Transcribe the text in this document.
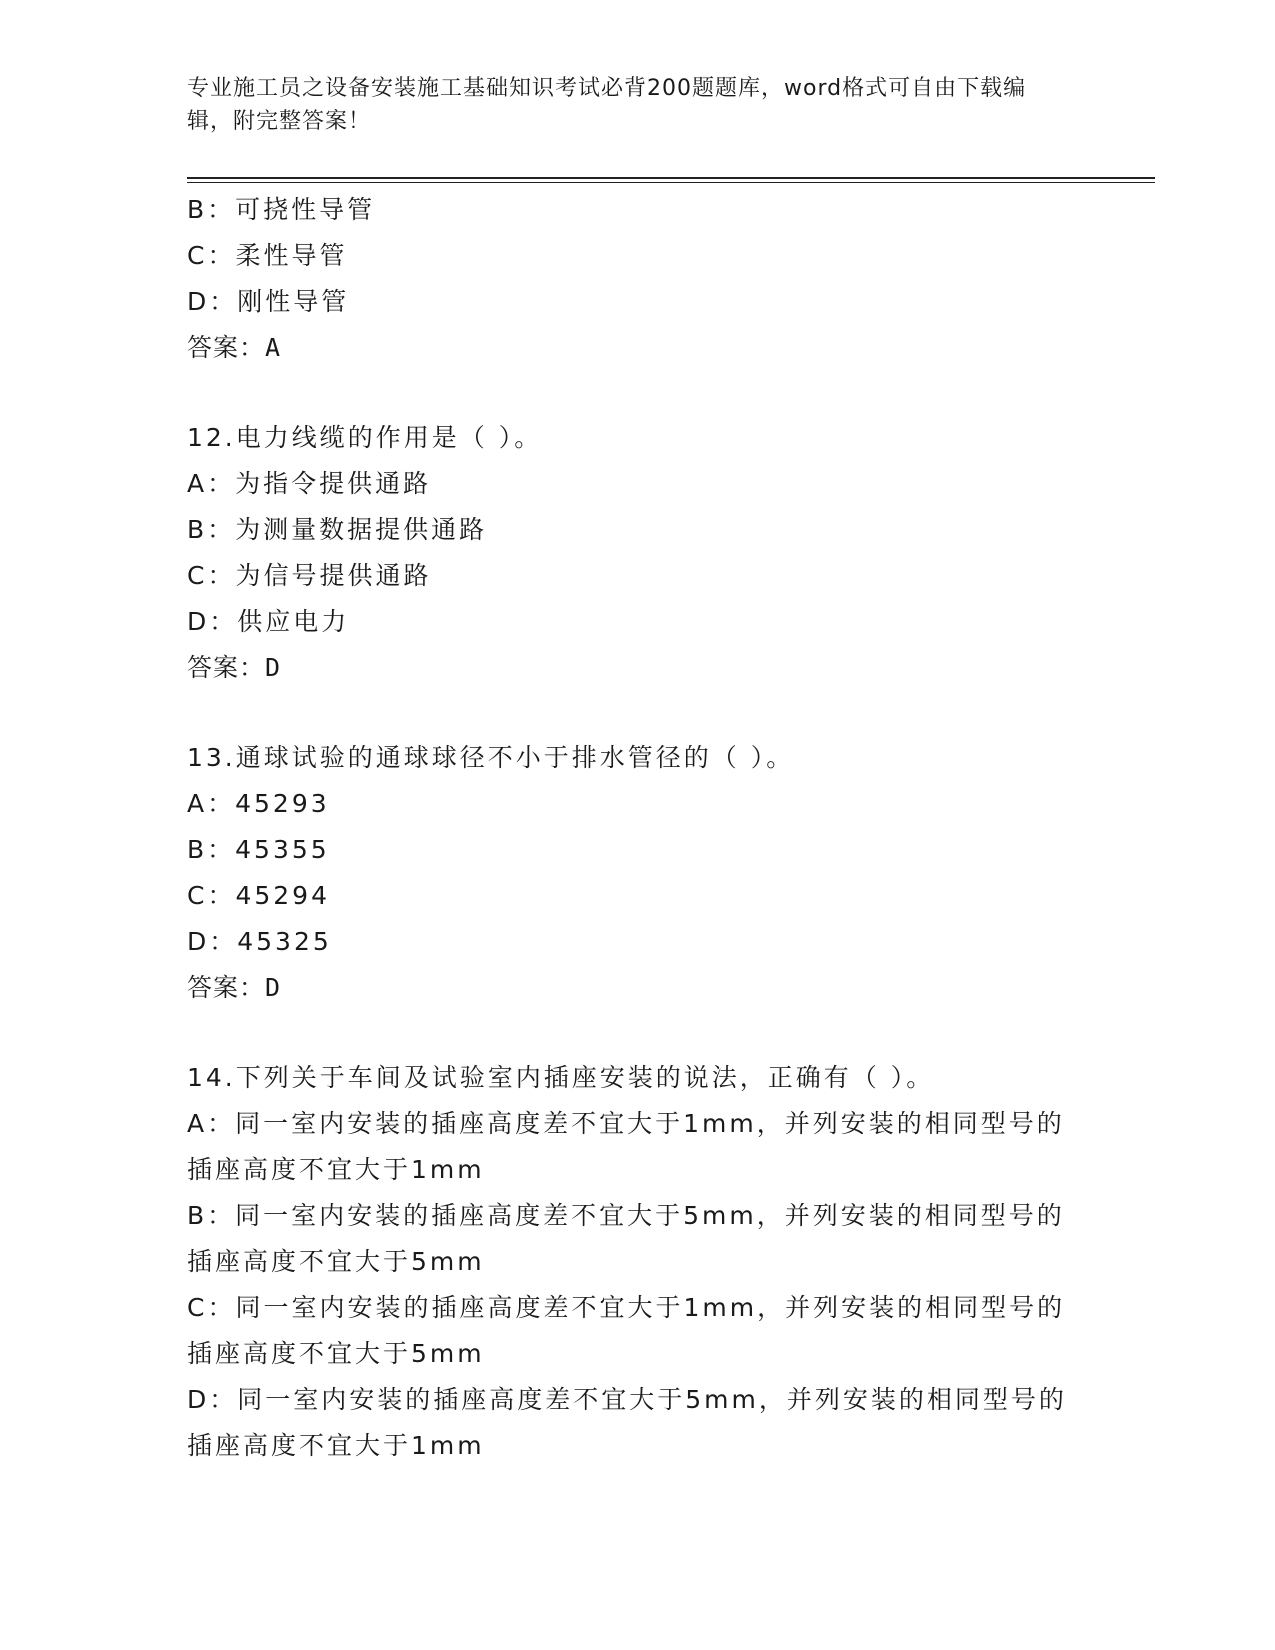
专业施工员之设备安装施工基础知识考试必背200题题库，word格式可自由下载编辑，附完整答案！
B：可挠性导管
C：柔性导管
D：刚性导管
答案：A
12.电力线缆的作用是（ ）。
A：为指令提供通路
B：为测量数据提供通路
C：为信号提供通路
D：供应电力
答案：D
13.通球试验的通球球径不小于排水管径的（ ）。
A：45293
B：45355
C：45294
D：45325
答案：D
14.下列关于车间及试验室内插座安装的说法，正确有（ ）。
A：同一室内安装的插座高度差不宜大于1mm，并列安装的相同型号的插座高度不宜大于1mm
B：同一室内安装的插座高度差不宜大于5mm，并列安装的相同型号的插座高度不宜大于5mm
C：同一室内安装的插座高度差不宜大于1mm，并列安装的相同型号的插座高度不宜大于5mm
D：同一室内安装的插座高度差不宜大于5mm，并列安装的相同型号的插座高度不宜大于1mm
